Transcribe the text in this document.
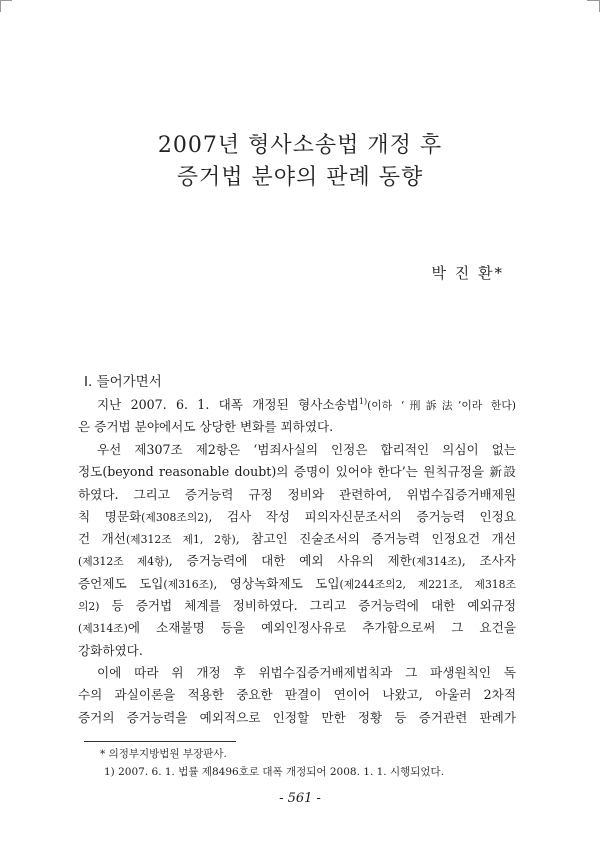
2007년 형사소송법 개정 후
증거법 분야의 판례 동향
박 진 환*
Ⅰ. 들어가면서
지난 2007. 6. 1. 대폭 개정된 형사소송법$^{1)}$(이하 ‘刑訴法’이라 한다)
은 증거법 분야에서도 상당한 변화를 꾀하였다.
우선 제307조 제2항은 ‘범죄사실의 인정은 합리적인 의심이 없는
정도(beyond reasonable doubt)의 증명이 있어야 한다’는 원칙규정을 新設
하였다. 그리고 증거능력 규정 정비와 관련하여, 위법수집증거배제원
칙 명문화(제308조의2), 검사 작성 피의자신문조서의 증거능력 인정요
건 개선(제312조 제1, 2항), 참고인 진술조서의 증거능력 인정요건 개선
(제312조 제4항), 증거능력에 대한 예외 사유의 제한(제314조), 조사자
증언제도 도입(제316조), 영상녹화제도 도입(제244조의2, 제221조, 제318조
의2) 등 증거법 체계를 정비하였다. 그리고 증거능력에 대한 예외규정
(제314조)에 소재불명 등을 예외인정사유로 추가함으로써 그 요건을
강화하였다.
이에 따라 위 개정 후 위법수집증거배제법칙과 그 파생원칙인 독
수의 과실이론을 적용한 중요한 판결이 연이어 나왔고, 아울러 2차적
증거의 증거능력을 예외적으로 인정할 만한 정황 등 증거관련 판례가
* 의정부지방법원 부장판사.
1) 2007. 6. 1. 법률 제8496호로 대폭 개정되어 2008. 1. 1. 시행되었다.
- 561 -
